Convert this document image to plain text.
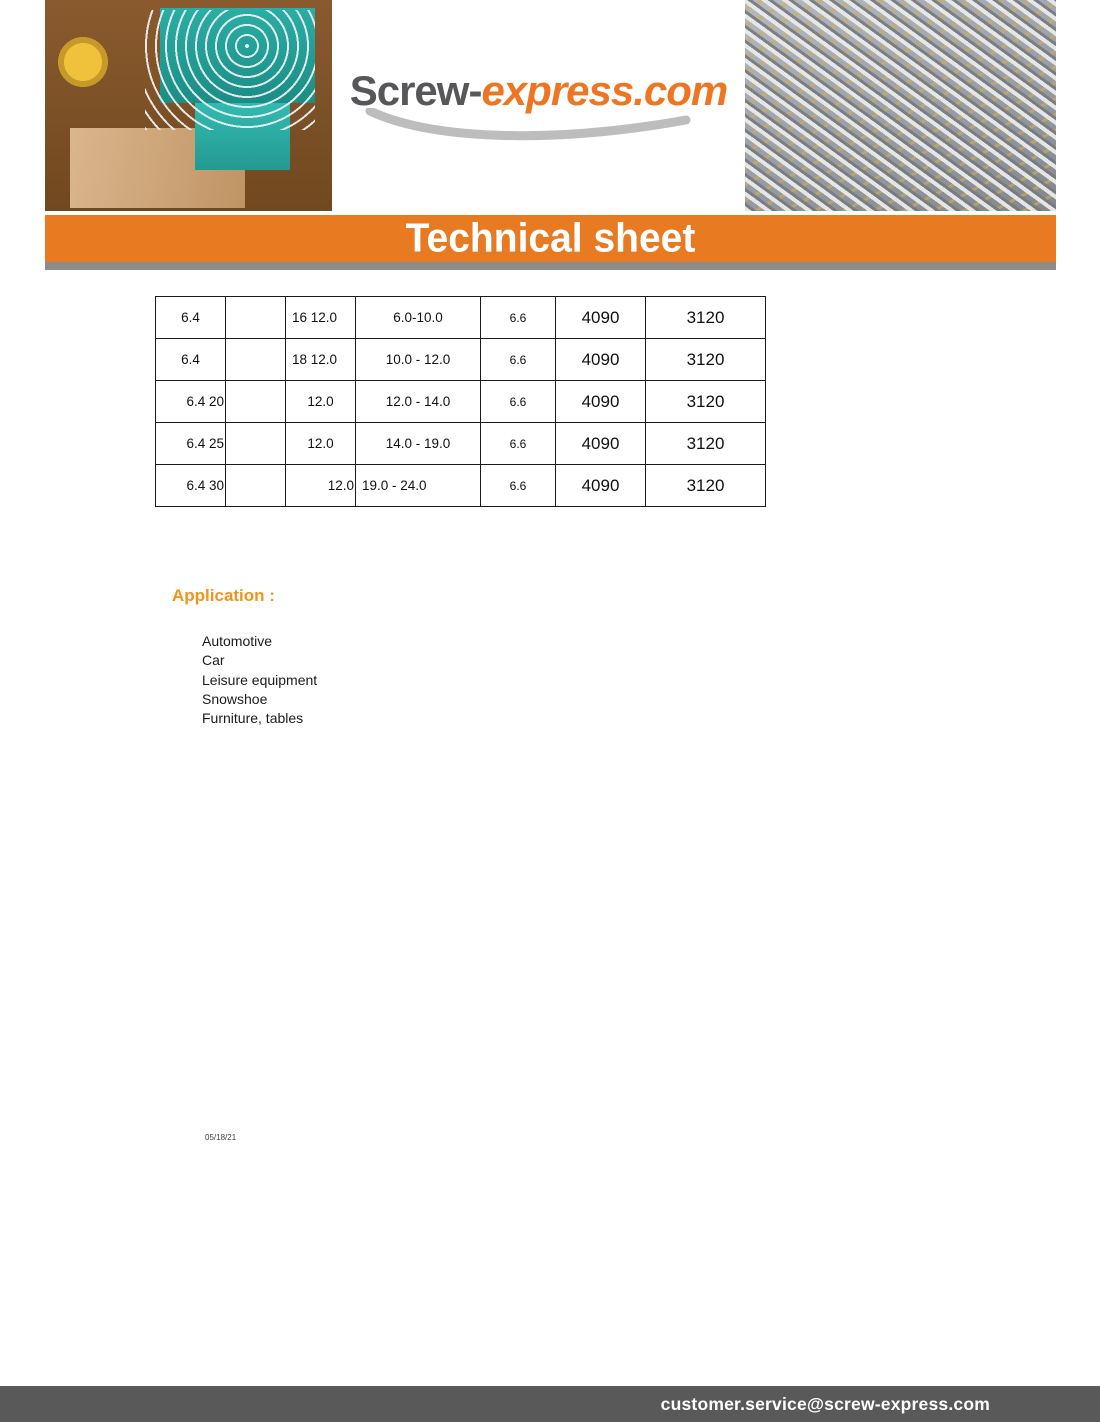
Screw-express.com
Technical sheet
6.4		16 12.0	6.0-10.0	6.6	4090	3120
6.4		18 12.0	10.0 - 12.0	6.6	4090	3120
6.4 20		12.0	12.0 - 14.0	6.6	4090	3120
6.4 25		12.0	14.0 - 19.0	6.6	4090	3120
6.4 30		12.0	19.0 - 24.0	6.6	4090	3120
Application :
Automotive
Car
Leisure equipment
Snowshoe
Furniture, tables
05/18/21
customer.service@screw-express.com
